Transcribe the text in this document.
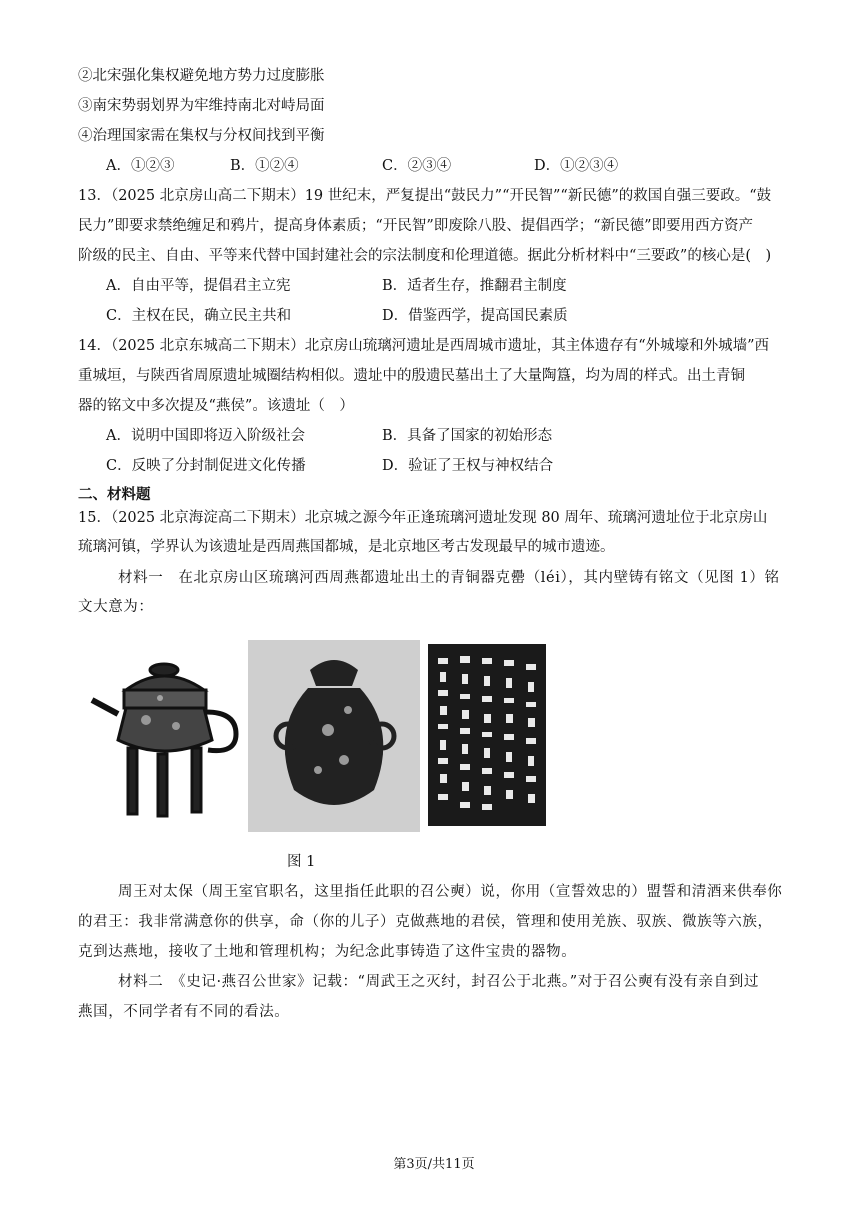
②北宋强化集权避免地方势力过度膨胀
③南宋势弱划界为牢维持南北对峙局面
④治理国家需在集权与分权间找到平衡
A．①②③	B．①②④	C．②③④	D．①②③④
13．（2025 北京房山高二下期末）19 世纪末，严复提出“鼓民力”“开民智”“新民德”的救国自强三要政。“鼓
民力”即要求禁绝缠足和鸦片，提高身体素质；“开民智”即废除八股、提倡西学；“新民德”即要用西方资产
阶级的民主、自由、平等来代替中国封建社会的宗法制度和伦理道德。据此分析材料中“三要政”的核心是(　)
A．自由平等，提倡君主立宪	B．适者生存，推翻君主制度
C．主权在民，确立民主共和	D．借鉴西学，提高国民素质
14．（2025 北京东城高二下期末）北京房山琉璃河遗址是西周城市遗址，其主体遗存有“外城壕和外城墙”西
重城垣，与陕西省周原遗址城圈结构相似。遗址中的殷遗民墓出土了大量陶簋，均为周的样式。出土青铜
器的铭文中多次提及“燕侯”。该遗址（　）
A．说明中国即将迈入阶级社会	B．具备了国家的初始形态
C．反映了分封制促进文化传播	D．验证了王权与神权结合
二、材料题
15．（2025 北京海淀高二下期末）北京城之源今年正逢琉璃河遗址发现 80 周年、琉璃河遗址位于北京房山
琉璃河镇，学界认为该遗址是西周燕国都城，是北京地区考古发现最早的城市遗迹。
材料一　在北京房山区琉璃河西周燕都遗址出土的青铜器克罍（léi），其内壁铸有铭文（见图 1）铭
文大意为：
图 1
周王对太保（周王室官职名，这里指任此职的召公奭）说，你用（宣誓效忠的）盟誓和清酒来供奉你
的君王：我非常满意你的供享，命（你的儿子）克做燕地的君侯，管理和使用羌族、驭族、微族等六族，
克到达燕地，接收了土地和管理机构；为纪念此事铸造了这件宝贵的器物。
材料二　《史记·燕召公世家》记载：“周武王之灭纣，封召公于北燕。”对于召公奭有没有亲自到过
燕国，不同学者有不同的看法。
第3页/共11页
